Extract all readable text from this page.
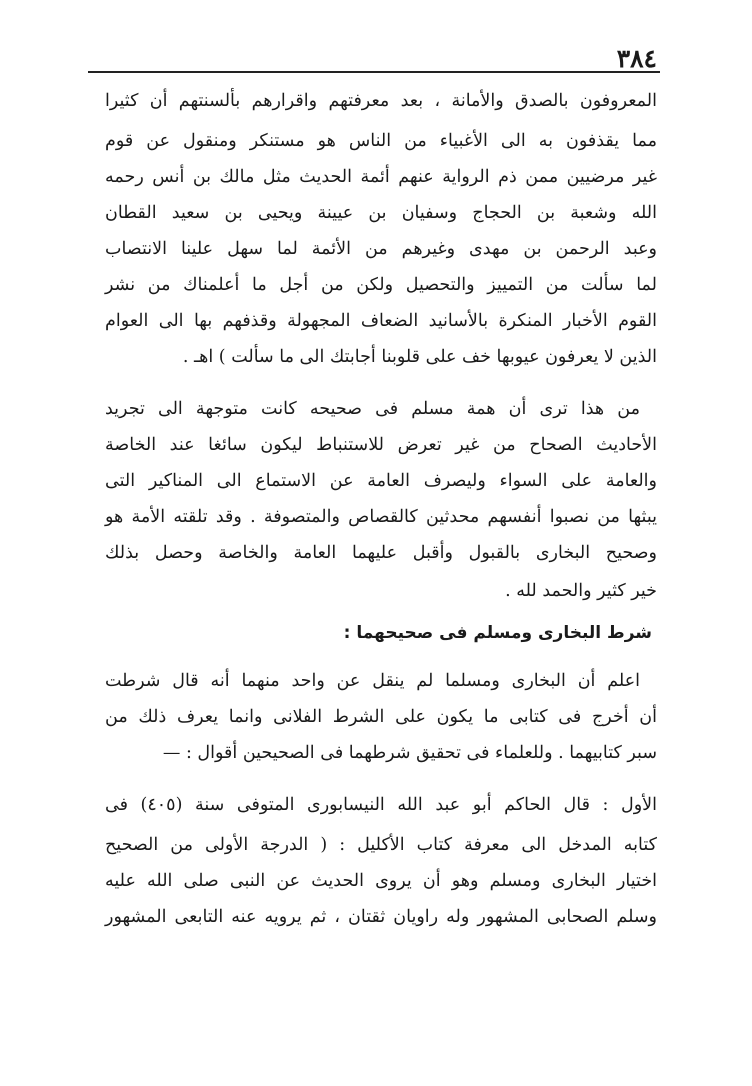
٣٨٤
المعروفون بالصدق والأمانة ، بعد معرفتهم واقرارهم بألسنتهم أن كثيرا
مما يقذفون به الى الأغبياء من الناس هو مستنكر ومنقول عن قوم
غير مرضيين ممن ذم الرواية عنهم أئمة الحديث مثل مالك بن أنس رحمه
الله وشعبة بن الحجاج وسفيان بن عيينة ويحيى بن سعيد القطان
وعبد الرحمن بن مهدى وغيرهم من الأئمة لما سهل علينا الانتصاب
لما سألت من التمييز والتحصيل ولكن من أجل ما أعلمناك من نشر
القوم الأخبار المنكرة بالأسانيد الضعاف المجهولة وقذفهم بها الى العوام
الذين لا يعرفون عيوبها خف على قلوبنا أجابتك الى ما سألت ) اهـ .
من هذا ترى أن همة مسلم فى صحيحه كانت متوجهة الى تجريد
الأحاديث الصحاح من غير تعرض للاستنباط ليكون سائغا عند الخاصة
والعامة على السواء وليصرف العامة عن الاستماع الى المناكير التى
يبثها من نصبوا أنفسهم محدثين كالقصاص والمتصوفة . وقد تلقته الأمة هو
وصحيح البخارى بالقبول وأقبل عليهما العامة والخاصة وحصل بذلك
خير كثير والحمد لله .
شرط البخارى ومسلم فى صحيحهما :
اعلم أن البخارى ومسلما لم ينقل عن واحد منهما أنه قال شرطت
أن أخرج فى كتابى ما يكون على الشرط الفلانى وانما يعرف ذلك من
سبر كتابيهما . وللعلماء فى تحقيق شرطهما فى الصحيحين أقوال : —
الأول : قال الحاكم أبو عبد الله النيسابورى المتوفى سنة (٤٠٥) فى
كتابه المدخل الى معرفة كتاب الأكليل : ( الدرجة الأولى من الصحيح
اختيار البخارى ومسلم وهو أن يروى الحديث عن النبى صلى الله عليه
وسلم الصحابى المشهور وله راويان ثقتان ، ثم يرويه عنه التابعى المشهور
